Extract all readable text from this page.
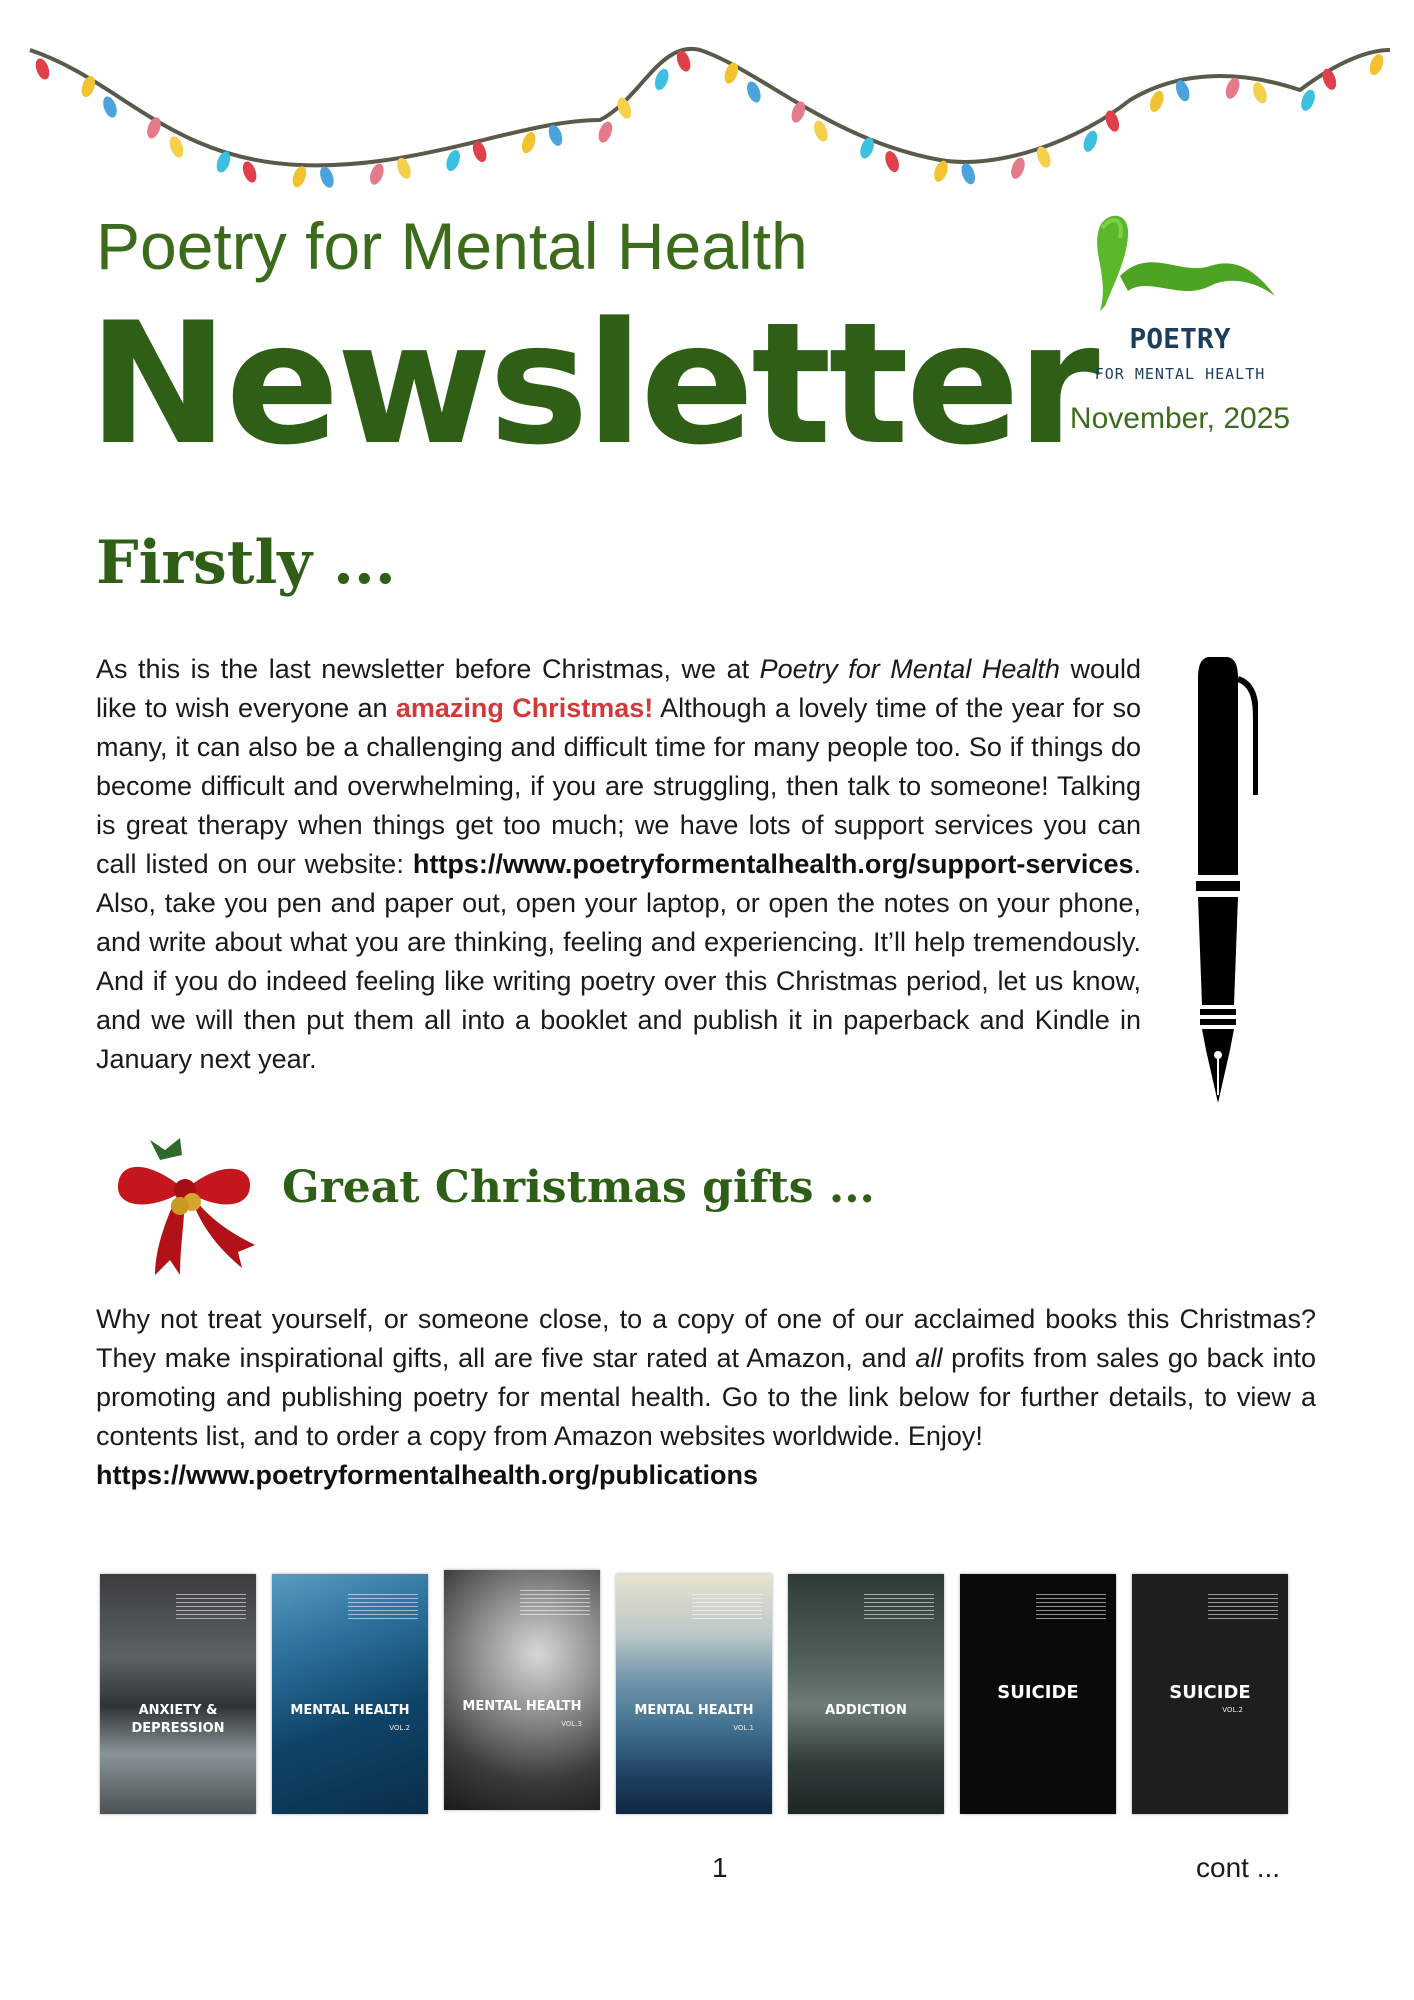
Poetry for Mental Health
Newsletter	POETRY
FOR MENTAL HEALTH
November, 2025
Firstly ...
As this is the last newsletter before Christmas, we at Poetry for Mental Health would like to wish everyone an amazing Christmas! Although a lovely time of the year for so many, it can also be a challenging and difficult time for many people too. So if things do become difficult and overwhelming, if you are struggling, then talk to someone! Talking is great therapy when things get too much; we have lots of support services you can call listed on our website: https://www.poetryformentalhealth.org/support-services. Also, take you pen and paper out, open your laptop, or open the notes on your phone, and write about what you are thinking, feeling and experiencing. It’ll help tremendously. And if you do indeed feeling like writing poetry over this Christmas period, let us know, and we will then put them all into a booklet and publish it in paperback and Kindle in January next year.
Great Christmas gifts ...
Why not treat yourself, or someone close, to a copy of one of our acclaimed books this Christmas? They make inspirational gifts, all are five star rated at Amazon, and all profits from sales go back into promoting and publishing poetry for mental health. Go to the link below for further details, to view a contents list, and to order a copy from Amazon websites worldwide. Enjoy!
https://www.poetryformentalhealth.org/publications
ANXIETY & DEPRESSION
MENTAL HEALTH
VOL.2
MENTAL HEALTH
VOL.3
MENTAL HEALTH
VOL.1
ADDICTION
SUICIDE	SUICIDE
VOL.2
1	cont ...
